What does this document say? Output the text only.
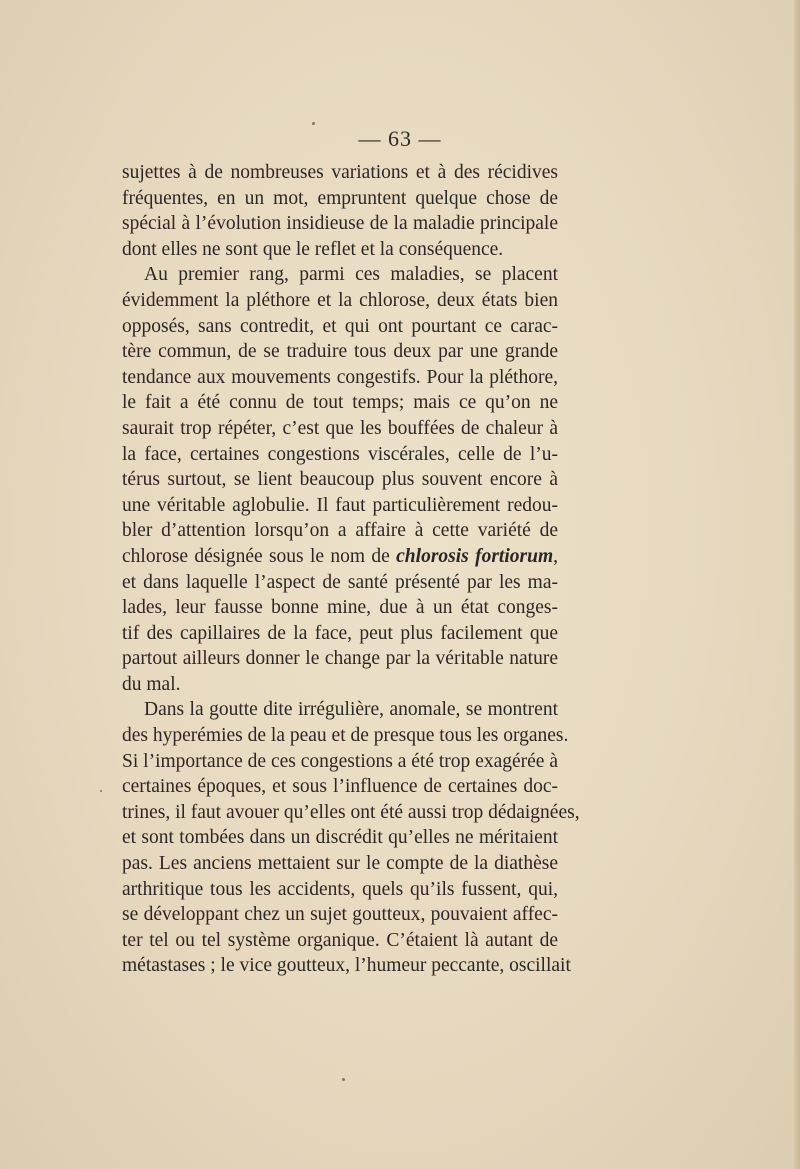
— 63 —
sujettes à de nombreuses variations et à des récidives
fréquentes, en un mot, empruntent quelque chose de
spécial à l’évolution insidieuse de la maladie principale
dont elles ne sont que le reflet et la conséquence.
Au premier rang, parmi ces maladies, se placent
évidemment la pléthore et la chlorose, deux états bien
opposés, sans contredit, et qui ont pourtant ce carac-
tère commun, de se traduire tous deux par une grande
tendance aux mouvements congestifs. Pour la pléthore,
le fait a été connu de tout temps; mais ce qu’on ne
saurait trop répéter, c’est que les bouffées de chaleur à
la face, certaines congestions viscérales, celle de l’u-
térus surtout, se lient beaucoup plus souvent encore à
une véritable aglobulie. Il faut particulièrement redou-
bler d’attention lorsqu’on a affaire à cette variété de
chlorose désignée sous le nom de chlorosis fortiorum,
et dans laquelle l’aspect de santé présenté par les ma-
lades, leur fausse bonne mine, due à un état conges-
tif des capillaires de la face, peut plus facilement que
partout ailleurs donner le change par la véritable nature
du mal.
Dans la goutte dite irrégulière, anomale, se montrent
des hyperémies de la peau et de presque tous les organes.
Si l’importance de ces congestions a été trop exagérée à
certaines époques, et sous l’influence de certaines doc-
trines, il faut avouer qu’elles ont été aussi trop dédaignées,
et sont tombées dans un discrédit qu’elles ne méritaient
pas. Les anciens mettaient sur le compte de la diathèse
arthritique tous les accidents, quels qu’ils fussent, qui,
se développant chez un sujet goutteux, pouvaient affec-
ter tel ou tel système organique. C’étaient là autant de
métastases ; le vice goutteux, l’humeur peccante, oscillait
